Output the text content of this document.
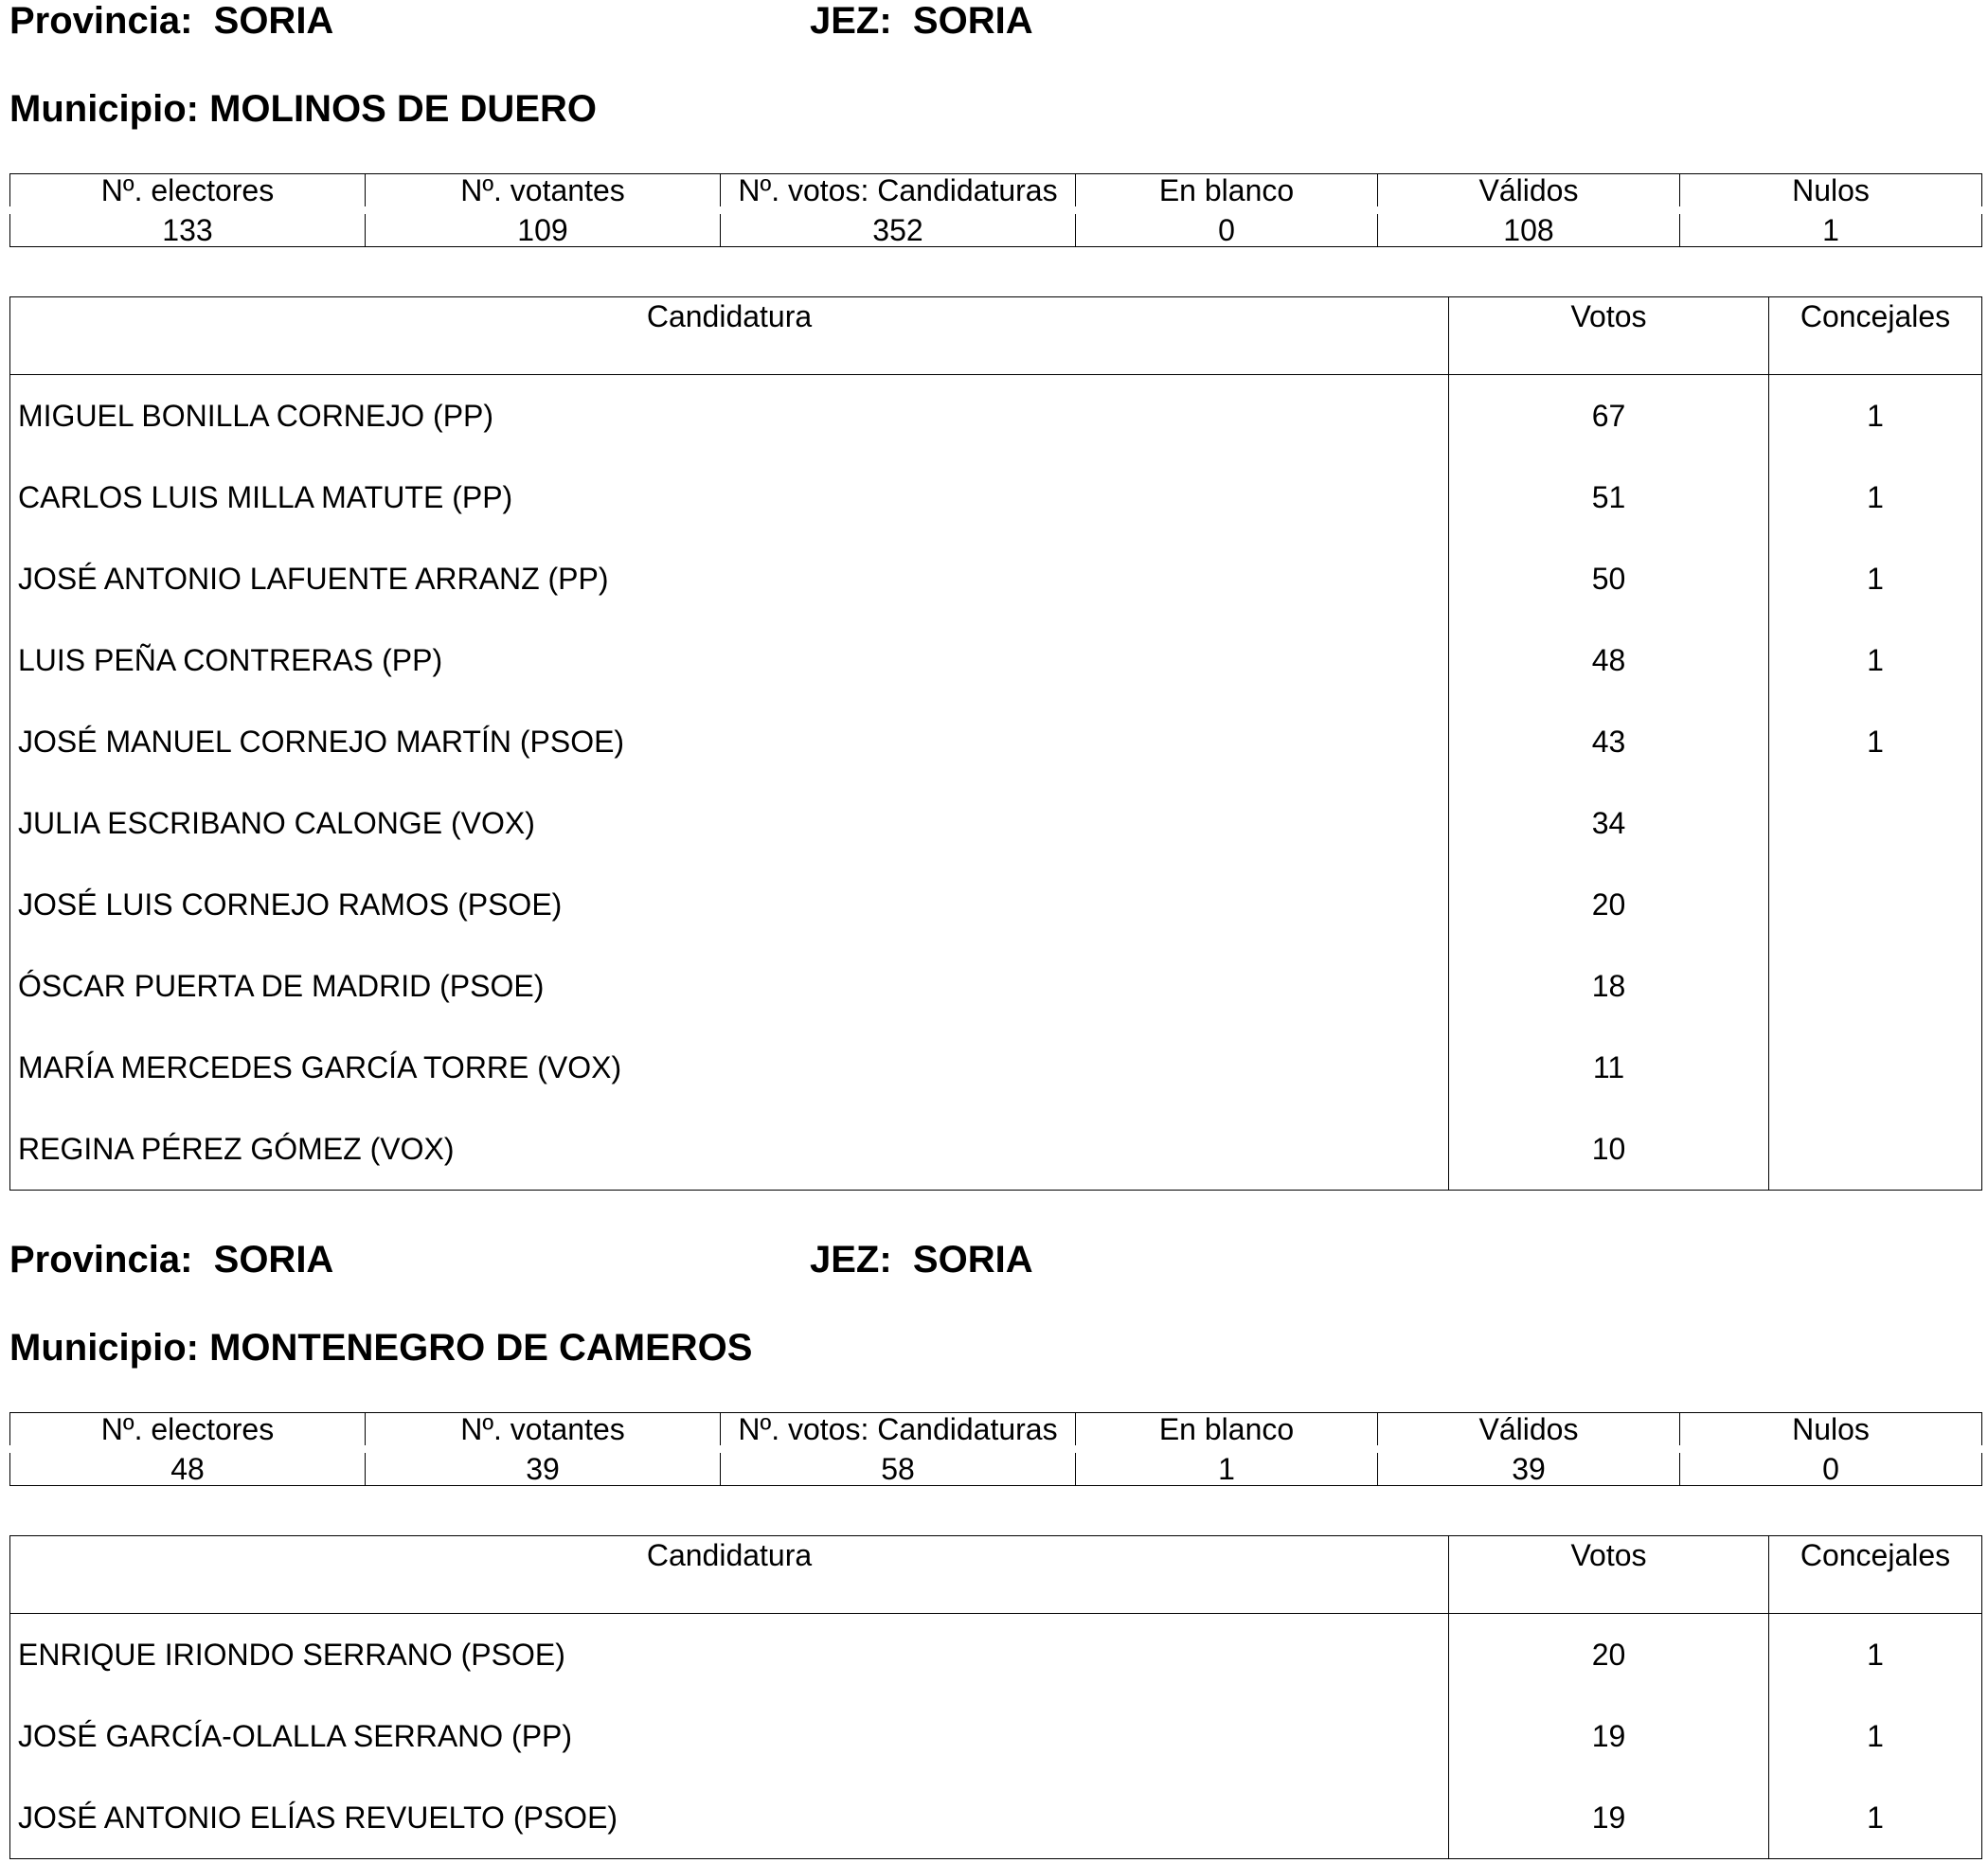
Provincia: SORIA	JEZ: SORIA
Municipio: MOLINOS DE DUERO
Nº. electores	Nº. votantes	Nº. votos: Candidaturas	En blanco	Válidos	Nulos
133	109	352	0	108	1
Candidatura	Votos	Concejales
MIGUEL BONILLA CORNEJO (PP)	67	1
CARLOS LUIS MILLA MATUTE (PP)	51	1
JOSÉ ANTONIO LAFUENTE ARRANZ (PP)	50	1
LUIS PEÑA CONTRERAS (PP)	48	1
JOSÉ MANUEL CORNEJO MARTÍN (PSOE)	43	1
JULIA ESCRIBANO CALONGE (VOX)	34	
JOSÉ LUIS CORNEJO RAMOS (PSOE)	20	
ÓSCAR PUERTA DE MADRID (PSOE)	18	
MARÍA MERCEDES GARCÍA TORRE (VOX)	11	
REGINA PÉREZ GÓMEZ (VOX)	10	
Provincia: SORIA	JEZ: SORIA
Municipio: MONTENEGRO DE CAMEROS
Nº. electores	Nº. votantes	Nº. votos: Candidaturas	En blanco	Válidos	Nulos
48	39	58	1	39	0
Candidatura	Votos	Concejales
ENRIQUE IRIONDO SERRANO (PSOE)	20	1
JOSÉ GARCÍA-OLALLA SERRANO (PP)	19	1
JOSÉ ANTONIO ELÍAS REVUELTO (PSOE)	19	1
